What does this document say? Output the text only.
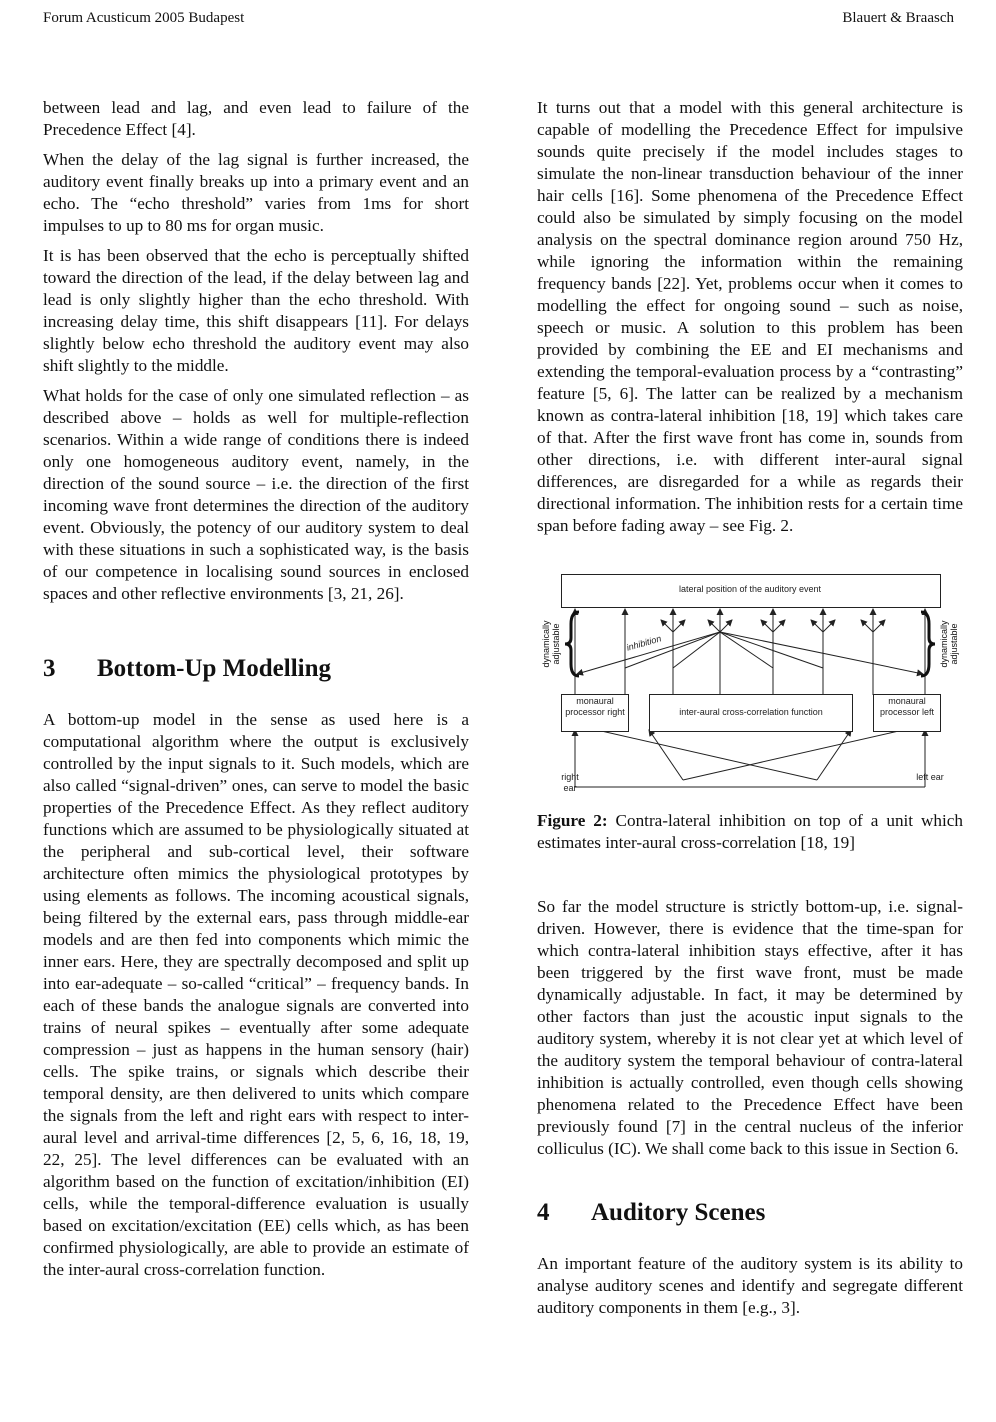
Forum Acusticum 2005 Budapest	Blauert & Braasch

between lead and lag, and even lead to failure of the Precedence Effect [4].

When the delay of the lag signal is further increased, the auditory event finally breaks up into a primary event and an echo. The “echo threshold” varies from 1ms for short impulses to up to 80 ms for organ music.

It is has been observed that the echo is perceptually shifted toward the direction of the lead, if the delay between lag and lead is only slightly higher than the echo threshold. With increasing delay time, this shift disappears [11]. For delays slightly below echo threshold the auditory event may also shift slightly to the middle.

What holds for the case of only one simulated reflection – as described above – holds as well for multiple-reflection scenarios. Within a wide range of conditions there is indeed only one homogeneous auditory event, namely, in the direction of the sound source – i.e. the direction of the first incoming wave front determines the direction of the auditory event. Obviously, the potency of our auditory system to deal with these situations in such a sophisticated way, is the basis of our competence in localising sound sources in enclosed spaces and other reflective environments [3, 21, 26].

3 Bottom-Up Modelling

A bottom-up model in the sense as used here is a computational algorithm where the output is exclusively controlled by the input signals to it. Such models, which are also called “signal-driven” ones, can serve to model the basic properties of the Precedence Effect. As they reflect auditory functions which are assumed to be physiologically situated at the peripheral and sub-cortical level, their software architecture often mimics the physiological prototypes by using elements as follows. The incoming acoustical signals, being filtered by the external ears, pass through middle-ear models and are then fed into components which mimic the inner ears. Here, they are spectrally decomposed and split up into ear-adequate – so-called “critical” – frequency bands. In each of these bands the analogue signals are converted into trains of neural spikes – eventually after some adequate compression – just as happens in the human sensory (hair) cells. The spike trains, or signals which describe their temporal density, are then delivered to units which compare the signals from the left and right ears with respect to inter-aural level and arrival-time differences [2, 5, 6, 16, 18, 19, 22, 25]. The level differences can be evaluated with an algorithm based on the function of excitation/inhibition (EI) cells, while the temporal-difference evaluation is usually based on excitation/excitation (EE) cells which, as has been confirmed physiologically, are able to provide an estimate of the inter-aural cross-correlation function.

It turns out that a model with this general architecture is capable of modelling the Precedence Effect for impulsive sounds quite precisely if the model includes stages to simulate the non-linear transduction behaviour of the inner hair cells [16]. Some phenomena of the Precedence Effect could also be simulated by simply focusing on the model analysis on the spectral dominance region around 750 Hz, while ignoring the information within the remaining frequency bands [22]. Yet, problems occur when it comes to modelling the effect for ongoing sound – such as noise, speech or music. A solution to this problem has been provided by combining the EE and EI mechanisms and extending the temporal-evaluation process by a “contrasting” feature [5, 6]. The latter can be realized by a mechanism known as contra-lateral inhibition [18, 19] which takes care of that. After the first wave front has come in, sounds from other directions, i.e. with different inter-aural signal differences, are disregarded for a while as regards their directional information. The inhibition rests for a certain time span before fading away – see Fig. 2.

lateral position of the auditory event
dynamically adjustable	dynamically adjustable
inhibition
monaural processor right	inter-aural cross-correlation function
monaural processor left
right ear
left ear
Figure 2: Contra-lateral inhibition on top of a unit which estimates inter-aural cross-correlation [18, 19]

So far the model structure is strictly bottom-up, i.e. signal-driven. However, there is evidence that the time-span for which contra-lateral inhibition stays effective, after it has been triggered by the first wave front, must be made dynamically adjustable. In fact, it may be determined by other factors than just the acoustic input signals to the auditory system, whereby it is not clear yet at which level of the auditory system the temporal behaviour of contra-lateral inhibition is actually controlled, even though cells showing phenomena related to the Precedence Effect have been previously found [7] in the central nucleus of the inferior colliculus (IC). We shall come back to this issue in Section 6.

4 Auditory Scenes

An important feature of the auditory system is its ability to analyse auditory scenes and identify and segregate different auditory components in them [e.g., 3].
